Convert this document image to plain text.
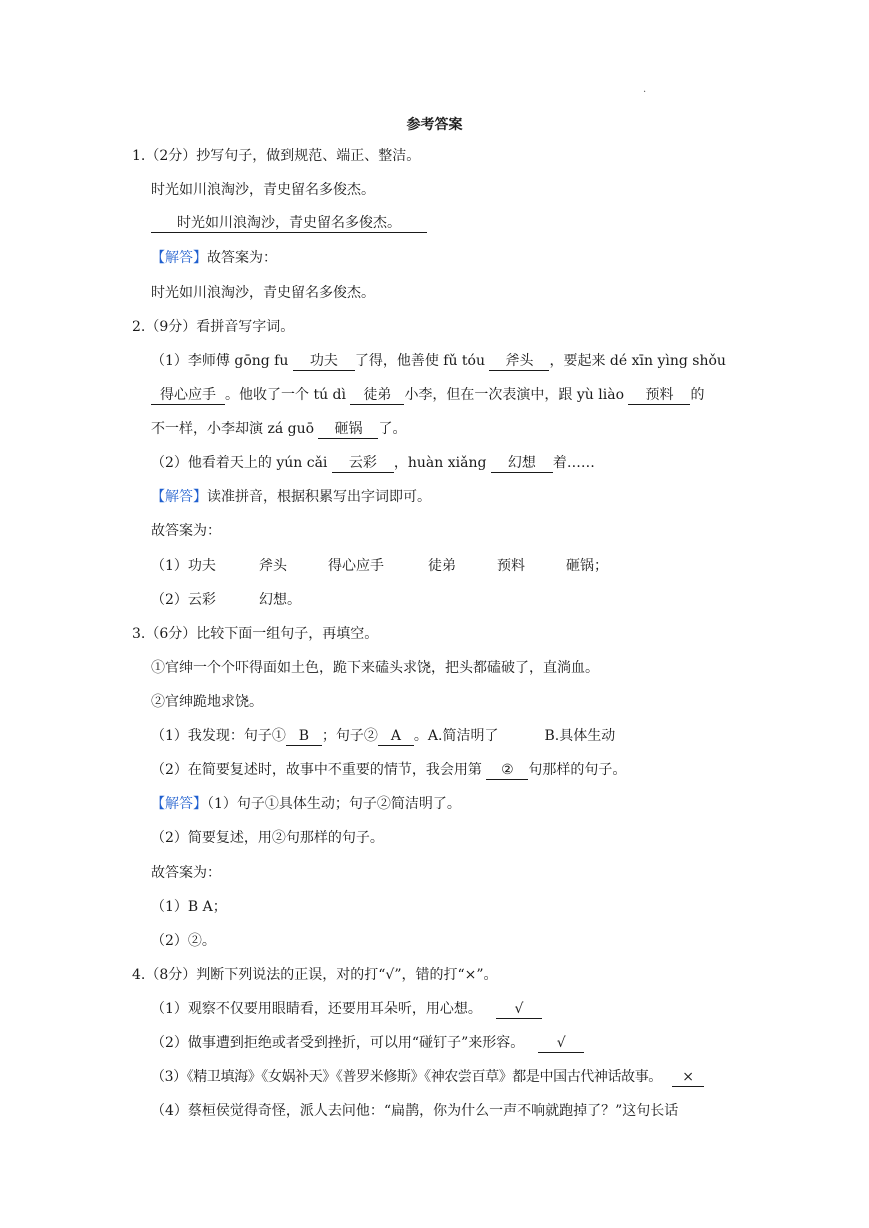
.
参考答案
1.（2分）抄写句子，做到规范、端正、整洁。
时光如川浪淘沙，青史留名多俊杰。
时光如川浪淘沙，青史留名多俊杰。
【解答】故答案为：
时光如川浪淘沙，青史留名多俊杰。
2.（9分）看拼音写字词。
（1）李师傅 gōng fu 功夫 了得，他善使 fǔ tóu 斧头 ，要起来 dé xīn yìng shǒu
得心应手 。他收了一个 tú dì 徒弟 小李，但在一次表演中，跟 yù liào 预料 的
不一样，小李却演 zá guō 砸锅 了。
（2）他看着天上的 yún cǎi 云彩 ，huàn xiǎng 幻想 着……
【解答】读准拼音，根据积累写出字词即可。
故答案为：
（1）功夫	斧头	得心应手	徒弟	预料	砸锅；
（2）云彩	幻想。
3.（6分）比较下面一组句子，再填空。
①官绅一个个吓得面如土色，跪下来磕头求饶，把头都磕破了，直淌血。
②官绅跪地求饶。
（1）我发现：句子① B ；句子② A 。A.简洁明了	B.具体生动
（2）在简要复述时，故事中不重要的情节，我会用第 ② 句那样的句子。
【解答】（1）句子①具体生动；句子②简洁明了。
（2）简要复述，用②句那样的句子。
故答案为：
（1）B A；
（2）②。
4.（8分）判断下列说法的正误，对的打“√”，错的打“×”。
（1）观察不仅要用眼睛看，还要用耳朵听，用心想。 √
（2）做事遭到拒绝或者受到挫折，可以用“碰钉子”来形容。 √
（3）《精卫填海》《女娲补天》《普罗米修斯》《神农尝百草》都是中国古代神话故事。 ×
（4）蔡桓侯觉得奇怪，派人去问他：“扁鹊，你为什么一声不响就跑掉了？”这句长话
